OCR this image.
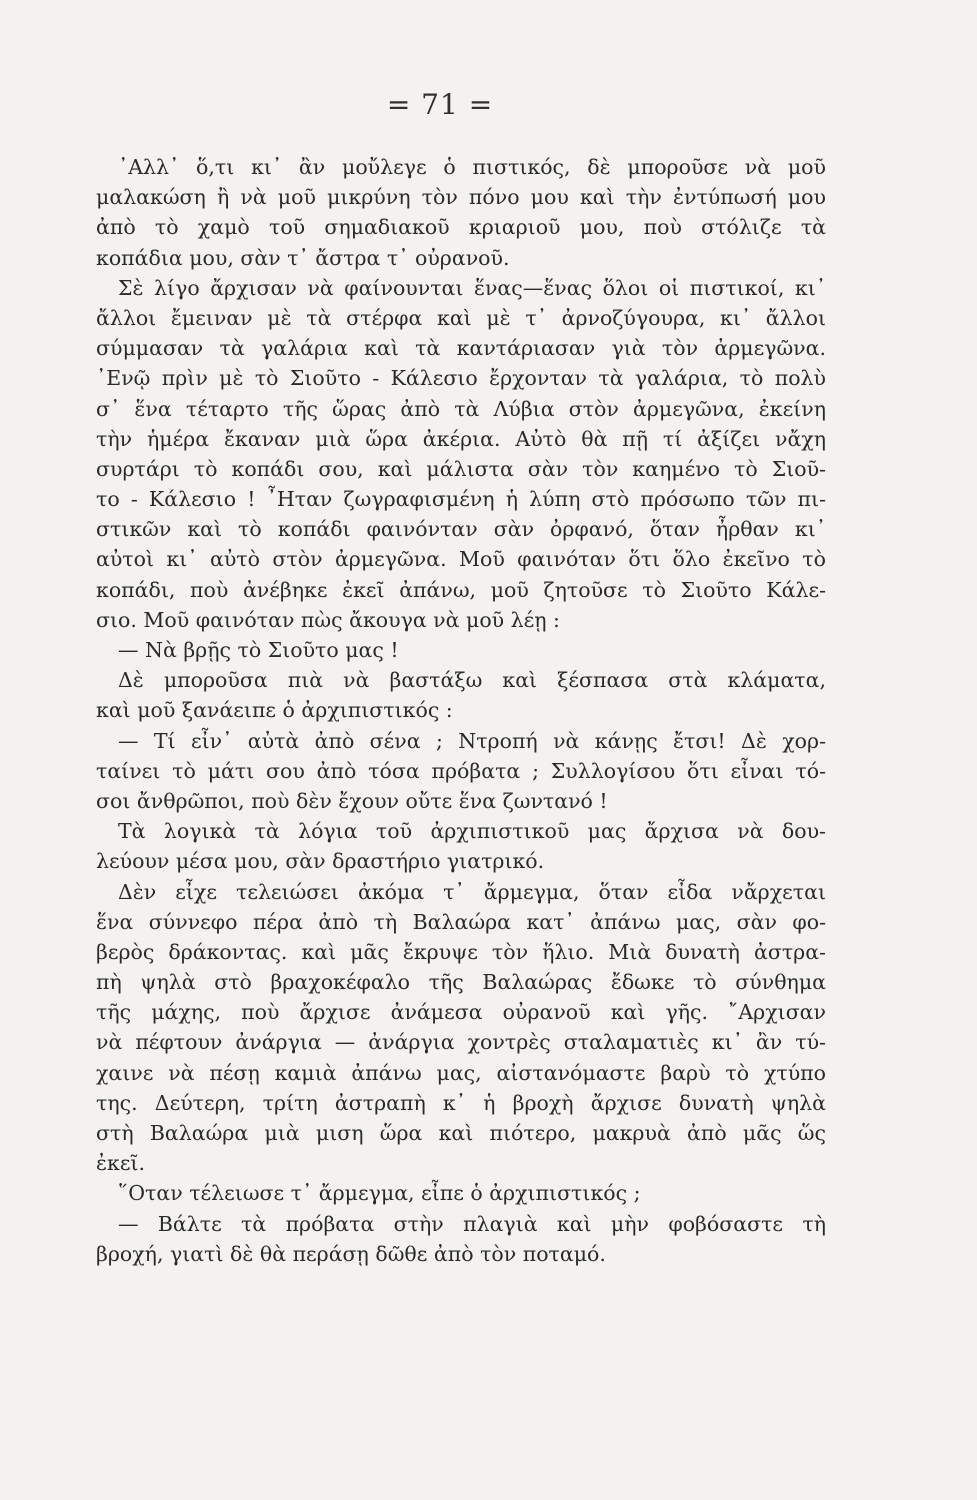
= 71 =
᾿Αλλ᾿ ὅ,τι κι᾿ ἂν μοὔλεγε ὁ πιστικός, δὲ μποροῦσε νὰ μοῦ
μαλακώση ἢ νὰ μοῦ μικρύνη τὸν πόνο μου καὶ τὴν ἐντύπωσή μου
ἀπὸ τὸ χαμὸ τοῦ σημαδιακοῦ κριαριοῦ μου, ποὺ στόλιζε τὰ
κοπάδια μου, σὰν τ᾿ ἄστρα τ᾿ οὐρανοῦ.
Σὲ λίγο ἄρχισαν νὰ φαίνουνται ἕνας—ἕνας ὅλοι οἱ πιστικοί, κι᾿
ἄλλοι ἔμειναν μὲ τὰ στέρφα καὶ μὲ τ᾿ ἀρνοζύγουρα, κι᾿ ἄλλοι
σύμμασαν τὰ γαλάρια καὶ τὰ καντάριασαν γιὰ τὸν ἀρμεγῶνα.
᾿Ενῷ πρὶν μὲ τὸ Σιοῦτο - Κάλεσιο ἔρχονταν τὰ γαλάρια, τὸ πολὺ
σ᾿ ἕνα τέταρτο τῆς ὥρας ἀπὸ τὰ Λύβια στὸν ἀρμεγῶνα, ἐκείνη
τὴν ἡμέρα ἔκαναν μιὰ ὥρα ἀκέρια. Αὐτὸ θὰ πῇ τί ἀξίζει νἄχη
συρτάρι τὸ κοπάδι σου, καὶ μάλιστα σὰν τὸν καημένο τὸ Σιοῦ-
το - Κάλεσιο ! ῏Ηταν ζωγραφισμένη ἡ λύπη στὸ πρόσωπο τῶν πι-
στικῶν καὶ τὸ κοπάδι φαινόνταν σὰν ὀρφανό, ὅταν ἦρθαν κι᾿
αὐτοὶ κι᾿ αὐτὸ στὸν ἀρμεγῶνα. Μοῦ φαινόταν ὅτι ὅλο ἐκεῖνο τὸ
κοπάδι, ποὺ ἀνέβηκε ἐκεῖ ἀπάνω, μοῦ ζητοῦσε τὸ Σιοῦτο Κάλε-
σιο. Μοῦ φαινόταν πὼς ἄκουγα νὰ μοῦ λέῃ :
— Νὰ βρῇς τὸ Σιοῦτο μας !
Δὲ μποροῦσα πιὰ νὰ βαστάξω καὶ ξέσπασα στὰ κλάματα,
καὶ μοῦ ξανάειπε ὁ ἀρχιπιστικός :
— Τί εἶν᾿ αὐτὰ ἀπὸ σένα ; Ντροπή νὰ κάνῃς ἔτσι! Δὲ χορ-
ταίνει τὸ μάτι σου ἀπὸ τόσα πρόβατα ; Συλλογίσου ὅτι εἶναι τό-
σοι ἄνθρῶποι, ποὺ δὲν ἔχουν οὔτε ἕνα ζωντανό !
Τὰ λογικὰ τὰ λόγια τοῦ ἀρχιπιστικοῦ μας ἄρχισα νὰ δου-
λεύουν μέσα μου, σὰν δραστήριο γιατρικό.
Δὲν εἶχε τελειώσει ἀκόμα τ᾿ ἄρμεγμα, ὅταν εἶδα νἄρχεται
ἕνα σύννεφο πέρα ἀπὸ τὴ Βαλαώρα κατ᾿ ἀπάνω μας, σὰν φο-
βερὸς δράκοντας. καὶ μᾶς ἔκρυψε τὸν ἥλιο. Μιὰ δυνατὴ ἀστρα-
πὴ ψηλὰ στὸ βραχοκέφαλο τῆς Βαλαώρας ἔδωκε τὸ σύνθημα
τῆς μάχης, ποὺ ἄρχισε ἀνάμεσα οὐρανοῦ καὶ γῆς. ῎Αρχισαν
νὰ πέφτουν ἀνάργια — ἀνάργια χοντρὲς σταλαματιὲς κι᾿ ἂν τύ-
χαινε νὰ πέσῃ καμιὰ ἀπάνω μας, αἰστανόμαστε βαρὺ τὸ χτύπο
της. Δεύτερη, τρίτη ἀστραπὴ κ᾿ ἡ βροχὴ ἄρχισε δυνατὴ ψηλὰ
στὴ Βαλαώρα μιὰ μιση ὥρα καὶ πιότερο, μακρυὰ ἀπὸ μᾶς ὥς
ἐκεῖ.
῞Οταν τέλειωσε τ᾿ ἄρμεγμα, εἶπε ὁ ἀρχιπιστικός ;
— Βάλτε τὰ πρόβατα στὴν πλαγιὰ καὶ μὴν φοβόσαστε τὴ
βροχή, γιατὶ δὲ θὰ περάσῃ δῶθε ἀπὸ τὸν ποταμό.
